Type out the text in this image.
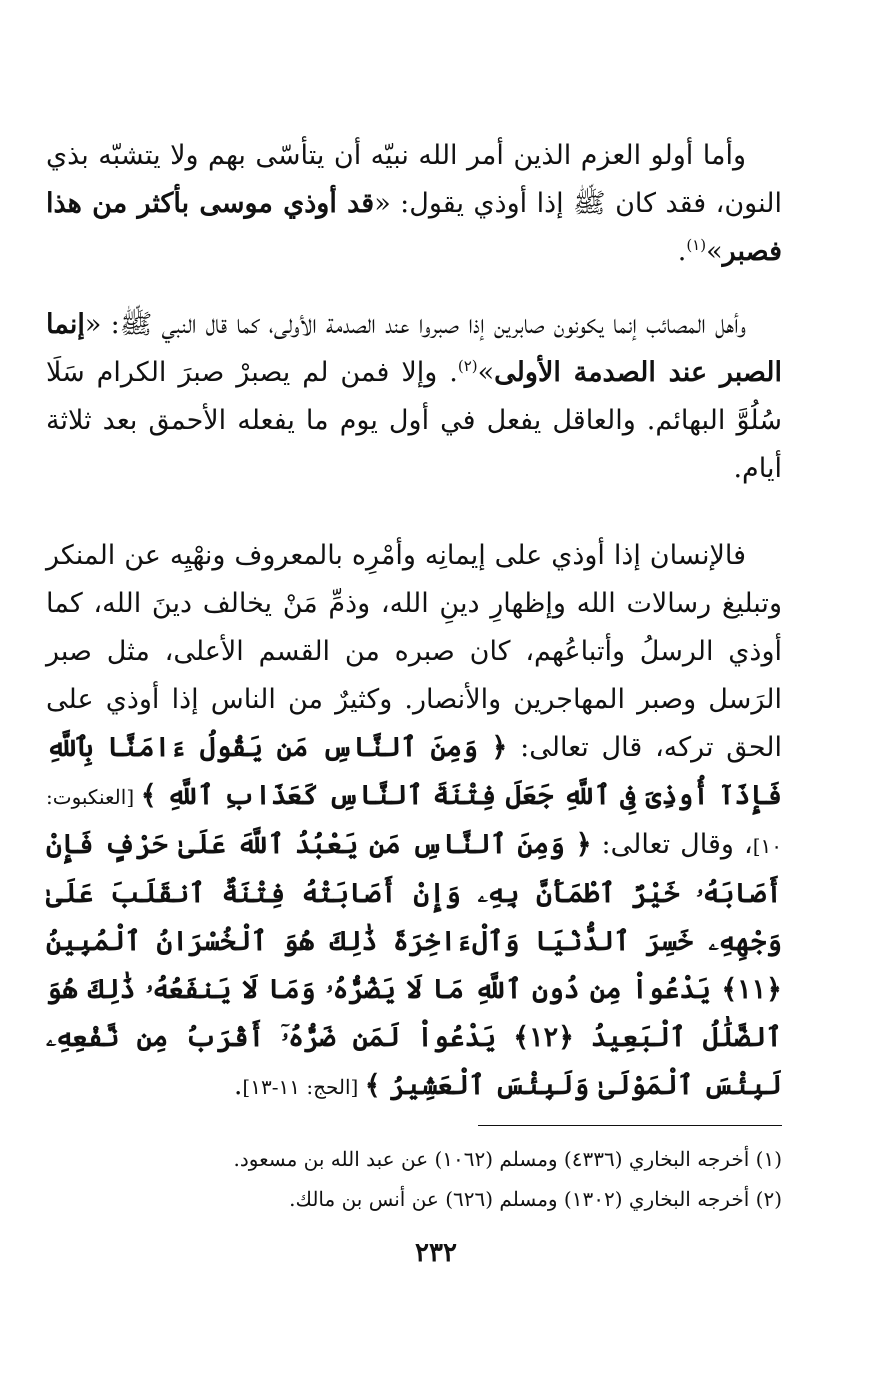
وأما أولو العزم الذين أمر الله نبيّه أن يتأسّى بهم ولا يتشبّه بذي النون، فقد كان ﷺ إذا أوذي يقول: «قد أوذي موسى بأكثر من هذا فصبر»$^{(١)}$.

وأهل المصائب إنما يكونون صابرين إذا صبروا عند الصدمة الأولى، كما قال النبي ﷺ: «إنما الصبر عند الصدمة الأولى»$^{(٢)}$. وإلا فمن لم يصبرْ صبرَ الكرام سَلَا سُلُوَّ البهائم. والعاقل يفعل في أول يوم ما يفعله الأحمق بعد ثلاثة أيام.

فالإنسان إذا أوذي على إيمانِه وأمْرِه بالمعروف ونهْيِه عن المنكر وتبليغ رسالات الله وإظهارِ دينِ الله، وذمِّ مَنْ يخالف دينَ الله، كما أوذي الرسلُ وأتباعُهم، كان صبره من القسم الأعلى، مثل صبر الرَسل وصبر المهاجرين والأنصار. وكثيرٌ من الناس إذا أوذي على الحق تركه، قال تعالى: ﴿ وَمِنَ ٱلنَّاسِ مَن يَقُولُ ءَامَنَّا بِٱللَّهِ فَإِذَآ أُوذِىَ فِى ٱللَّهِ جَعَلَ فِتْنَةَ ٱلنَّاسِ كَعَذَابِ ٱللَّهِ ﴾ [العنكبوت: ١٠]، وقال تعالى: ﴿ وَمِنَ ٱلنَّاسِ مَن يَعْبُدُ ٱللَّهَ عَلَىٰ حَرْفٍ فَإِنْ أَصَابَهُۥ خَيْرٌ ٱطْمَأَنَّ بِهِۦ وَإِنْ أَصَابَتْهُ فِتْنَةٌ ٱنقَلَبَ عَلَىٰ وَجْهِهِۦ خَسِرَ ٱلدُّنْيَا وَٱلْءَاخِرَةَ ذَٰلِكَ هُوَ ٱلْخُسْرَانُ ٱلْمُبِينُ ﴿١١﴾ يَدْعُواْ مِن دُونِ ٱللَّهِ مَا لَا يَضُرُّهُۥ وَمَا لَا يَنفَعُهُۥ ذَٰلِكَ هُوَ ٱلضَّلَٰلُ ٱلْبَعِيدُ ﴿١٢﴾ يَدْعُواْ لَمَن ضَرُّهُۥٓ أَقْرَبُ مِن نَّفْعِهِۦ لَبِئْسَ ٱلْمَوْلَىٰ وَلَبِئْسَ ٱلْعَشِيرُ ﴾ [الحج: ١١-١٣].

(١) أخرجه البخاري (٤٣٣٦) ومسلم (١٠٦٢) عن عبد الله بن مسعود.

(٢) أخرجه البخاري (١٣٠٢) ومسلم (٦٢٦) عن أنس بن مالك.

٢٣٢
